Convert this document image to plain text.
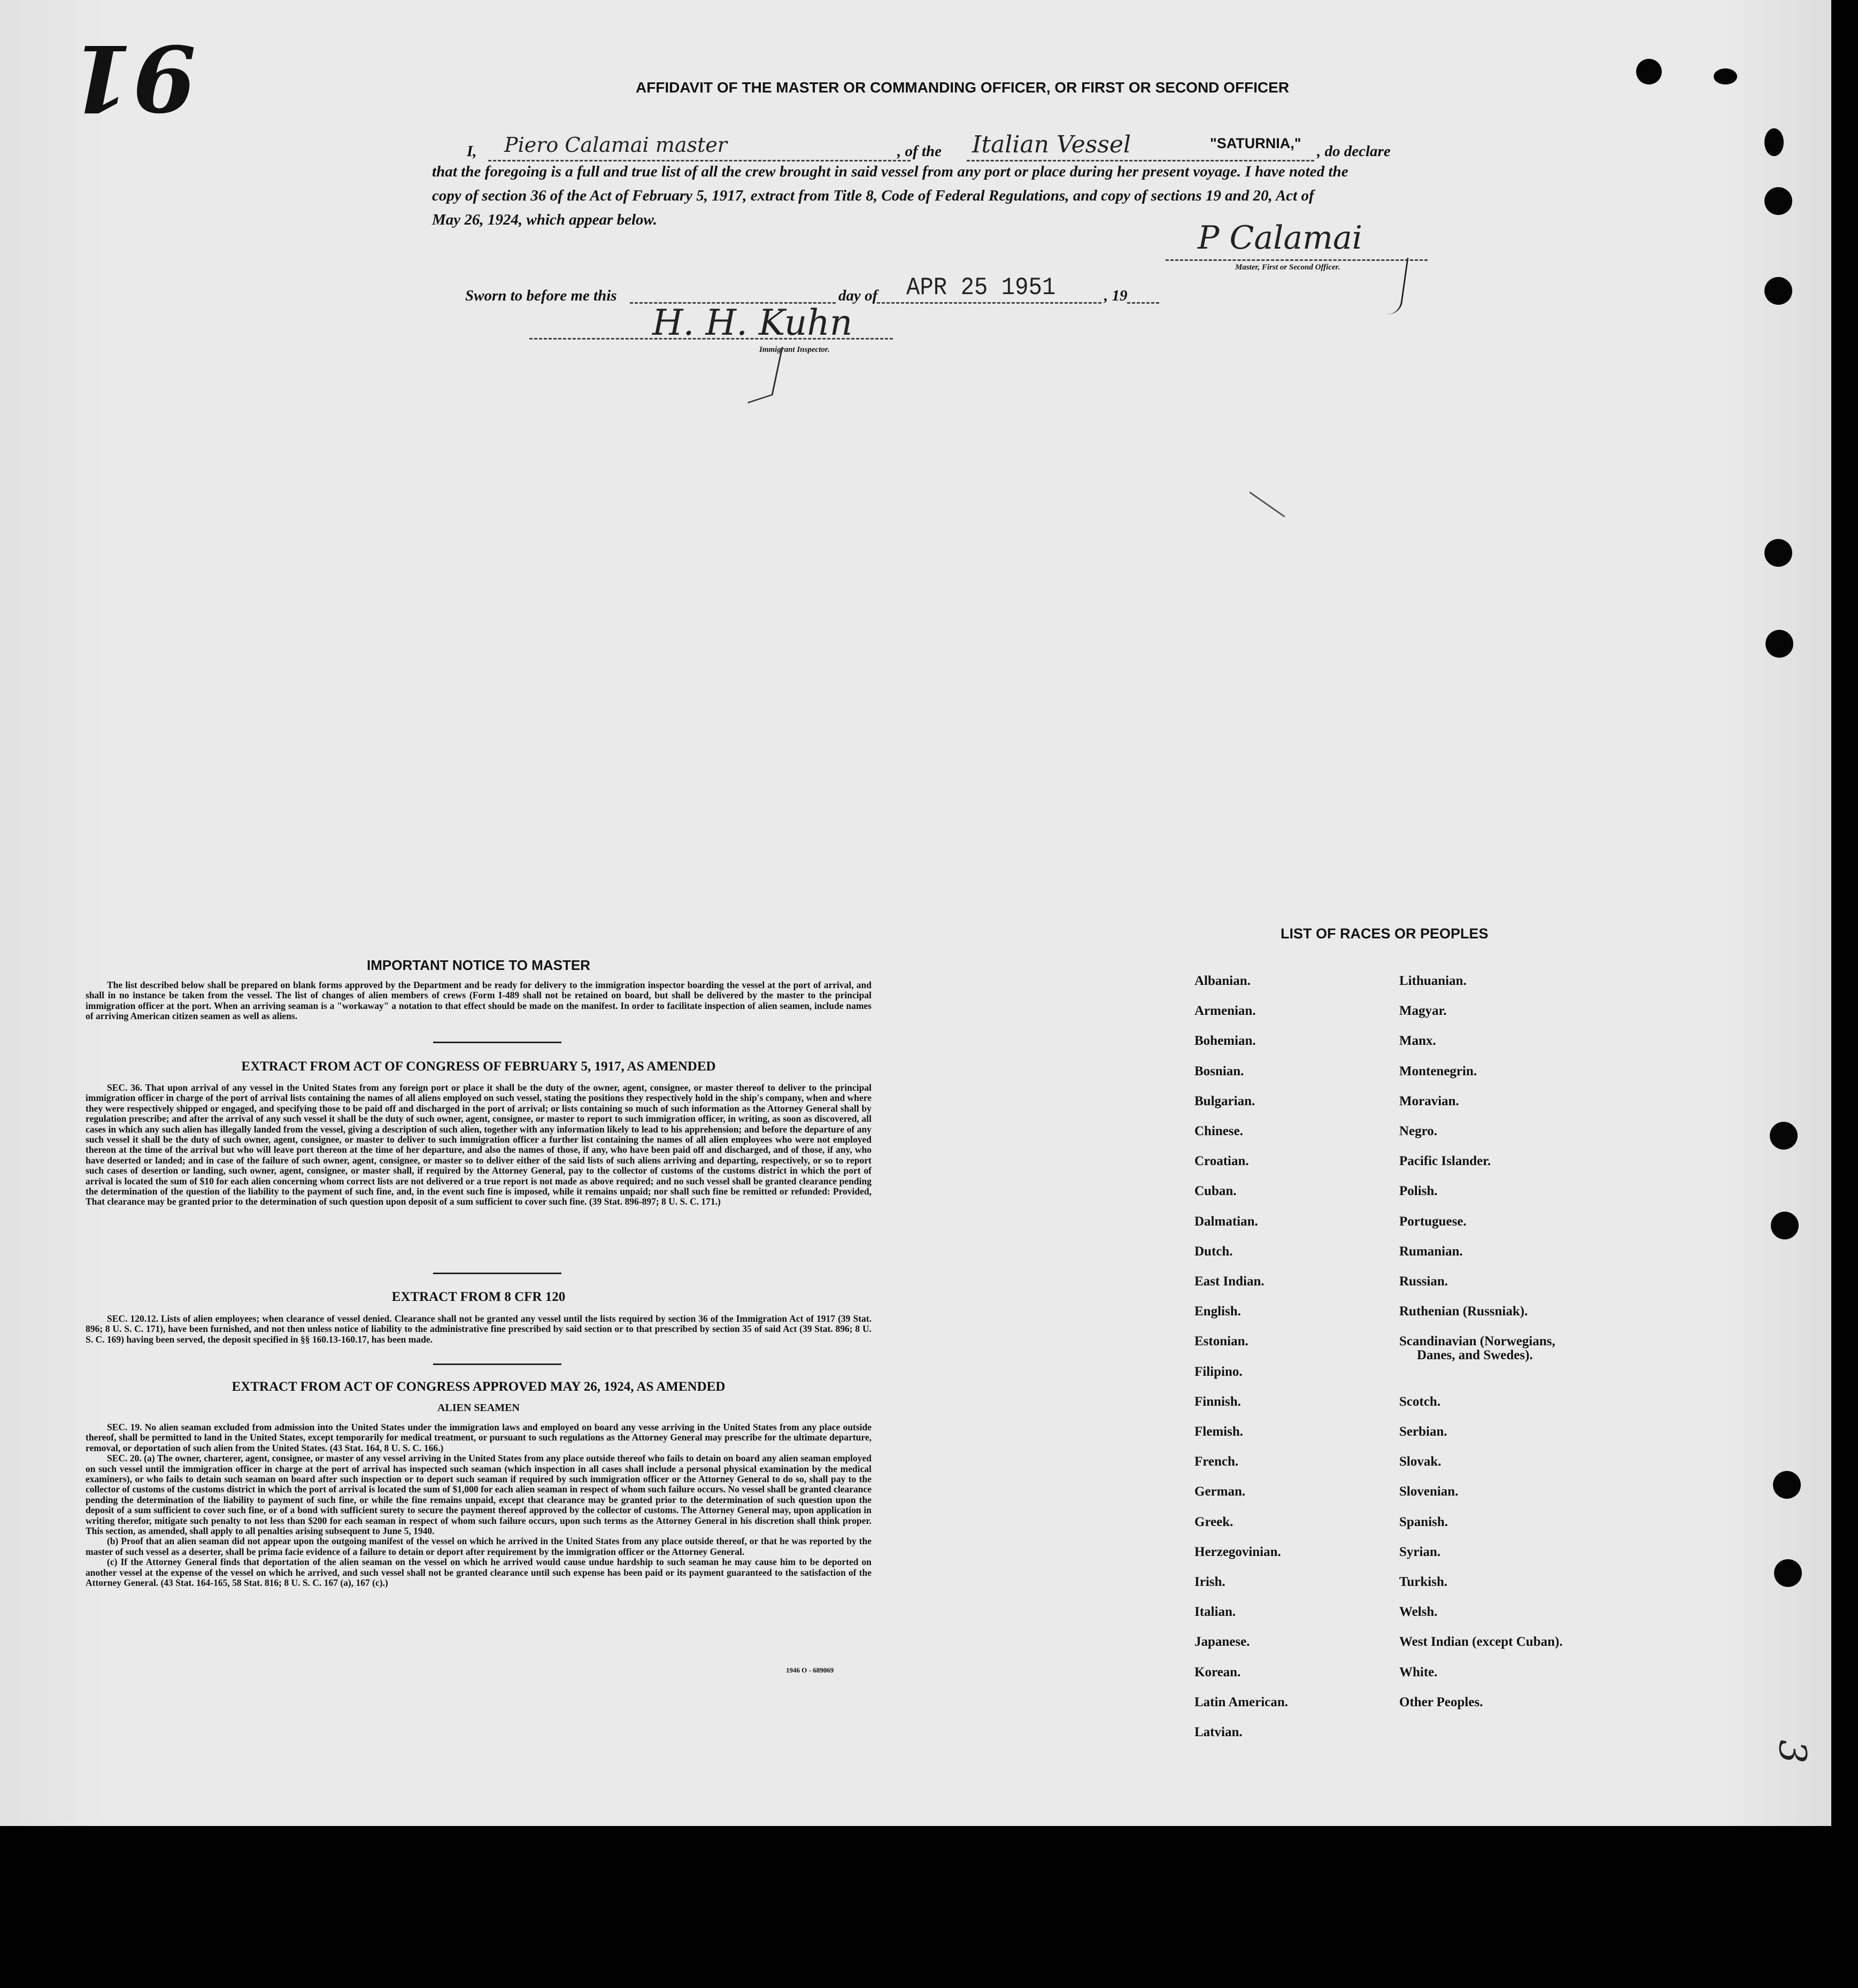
91	AFFIDAVIT OF THE MASTER OR COMMANDING OFFICER, OR FIRST OR SECOND OFFICER
I, Piero Calamai master	, of the Italian Vessel	"SATURNIA," , do declare
that the foregoing is a full and true list of all the crew brought in said vessel from any port or place during her present voyage. I have noted the
copy of section 36 of the Act of February 5, 1917, extract from Title 8, Code of Federal Regulations, and copy of sections 19 and 20, Act of
May 26, 1924, which appear below.	P Calamai
Master, First or Second Officer.
Sworn to before me this	day of APR 25 1951	, 19
H. H. Kuhn
Immigrant Inspector.
IMPORTANT NOTICE TO MASTER

The list described below shall be prepared on blank forms approved by the Department and be ready for delivery to the immigration inspector boarding the vessel at the port of arrival, and shall in no instance be taken from the vessel. The list of changes of alien members of crews (Form I-489 shall not be retained on board, but shall be delivered by the master to the principal immigration officer at the port. When an arriving seaman is a "workaway" a notation to that effect should be made on the manifest. In order to facilitate inspection of alien seamen, include names of arriving American citizen seamen as well as aliens.

EXTRACT FROM ACT OF CONGRESS OF FEBRUARY 5, 1917, AS AMENDED

SEC. 36. That upon arrival of any vessel in the United States from any foreign port or place it shall be the duty of the owner, agent, consignee, or master thereof to deliver to the principal immigration officer in charge of the port of arrival lists containing the names of all aliens employed on such vessel, stating the positions they respectively hold in the ship's company, when and where they were respectively shipped or engaged, and specifying those to be paid off and discharged in the port of arrival; or lists containing so much of such information as the Attorney General shall by regulation prescribe; and after the arrival of any such vessel it shall be the duty of such owner, agent, consignee, or master to report to such immigration officer, in writing, as soon as discovered, all cases in which any such alien has illegally landed from the vessel, giving a description of such alien, together with any information likely to lead to his apprehension; and before the departure of any such vessel it shall be the duty of such owner, agent, consignee, or master to deliver to such immigration officer a further list containing the names of all alien employees who were not employed thereon at the time of the arrival but who will leave port thereon at the time of her departure, and also the names of those, if any, who have been paid off and discharged, and of those, if any, who have deserted or landed; and in case of the failure of such owner, agent, consignee, or master so to deliver either of the said lists of such aliens arriving and departing, respectively, or so to report such cases of desertion or landing, such owner, agent, consignee, or master shall, if required by the Attorney General, pay to the collector of customs of the customs district in which the port of arrival is located the sum of $10 for each alien concerning whom correct lists are not delivered or a true report is not made as above required; and no such vessel shall be granted clearance pending the determination of the question of the liability to the payment of such fine, and, in the event such fine is imposed, while it remains unpaid; nor shall such fine be remitted or refunded: Provided, That clearance may be granted prior to the determination of such question upon deposit of a sum sufficient to cover such fine. (39 Stat. 896-897; 8 U. S. C. 171.)

EXTRACT FROM 8 CFR 120

SEC. 120.12. Lists of alien employees; when clearance of vessel denied. Clearance shall not be granted any vessel until the lists required by section 36 of the Immigration Act of 1917 (39 Stat. 896; 8 U. S. C. 171), have been furnished, and not then unless notice of liability to the administrative fine prescribed by said section or to that prescribed by section 35 of said Act (39 Stat. 896; 8 U. S. C. 169) having been served, the deposit specified in §§ 160.13-160.17, has been made.

EXTRACT FROM ACT OF CONGRESS APPROVED MAY 26, 1924, AS AMENDED
ALIEN SEAMEN

SEC. 19. No alien seaman excluded from admission into the United States under the immigration laws and employed on board any vesse arriving in the United States from any place outside thereof, shall be permitted to land in the United States, except temporarily for medical treatment, or pursuant to such regulations as the Attorney General may prescribe for the ultimate departure, removal, or deportation of such alien from the United States. (43 Stat. 164, 8 U. S. C. 166.)

SEC. 20. (a) The owner, charterer, agent, consignee, or master of any vessel arriving in the United States from any place outside thereof who fails to detain on board any alien seaman employed on such vessel until the immigration officer in charge at the port of arrival has inspected such seaman (which inspection in all cases shall include a personal physical examination by the medical examiners), or who fails to detain such seaman on board after such inspection or to deport such seaman if required by such immigration officer or the Attorney General to do so, shall pay to the collector of customs of the customs district in which the port of arrival is located the sum of $1,000 for each alien seaman in respect of whom such failure occurs. No vessel shall be granted clearance pending the determination of the liability to payment of such fine, or while the fine remains unpaid, except that clearance may be granted prior to the determination of such question upon the deposit of a sum sufficient to cover such fine, or of a bond with sufficient surety to secure the payment thereof approved by the collector of customs. The Attorney General may, upon application in writing therefor, mitigate such penalty to not less than $200 for each seaman in respect of whom such failure occurs, upon such terms as the Attorney General in his discretion shall think proper. This section, as amended, shall apply to all penalties arising subsequent to June 5, 1940.

(b) Proof that an alien seaman did not appear upon the outgoing manifest of the vessel on which he arrived in the United States from any place outside thereof, or that he was reported by the master of such vessel as a deserter, shall be prima facie evidence of a failure to detain or deport after requirement by the immigration officer or the Attorney General.

(c) If the Attorney General finds that deportation of the alien seaman on the vessel on which he arrived would cause undue hardship to such seaman he may cause him to be deported on another vessel at the expense of the vessel on which he arrived, and such vessel shall not be granted clearance until such expense has been paid or its payment guaranteed to the satisfaction of the Attorney General. (43 Stat. 164-165, 58 Stat. 816; 8 U. S. C. 167 (a), 167 (c).)

1946 O - 689069
LIST OF RACES OR PEOPLES
Albanian.
Armenian.
Bohemian.
Bosnian.
Bulgarian.
Chinese.
Croatian.
Cuban.
Dalmatian.
Dutch.
East Indian.
English.
Estonian.
Filipino.
Finnish.
Flemish.
French.
German.
Greek.
Herzegovinian.
Irish.
Italian.
Japanese.
Korean.
Latin American.
Latvian.
Lithuanian.
Magyar.
Manx.
Montenegrin.
Moravian.
Negro.
Pacific Islander.
Polish.
Portuguese.
Rumanian.
Russian.
Ruthenian (Russniak).
Scandinavian (Norwegians,
Danes, and Swedes).
Scotch.
Serbian.
Slovak.
Slovenian.
Spanish.
Syrian.
Turkish.
Welsh.
West Indian (except Cuban).
White.
Other Peoples.
3
